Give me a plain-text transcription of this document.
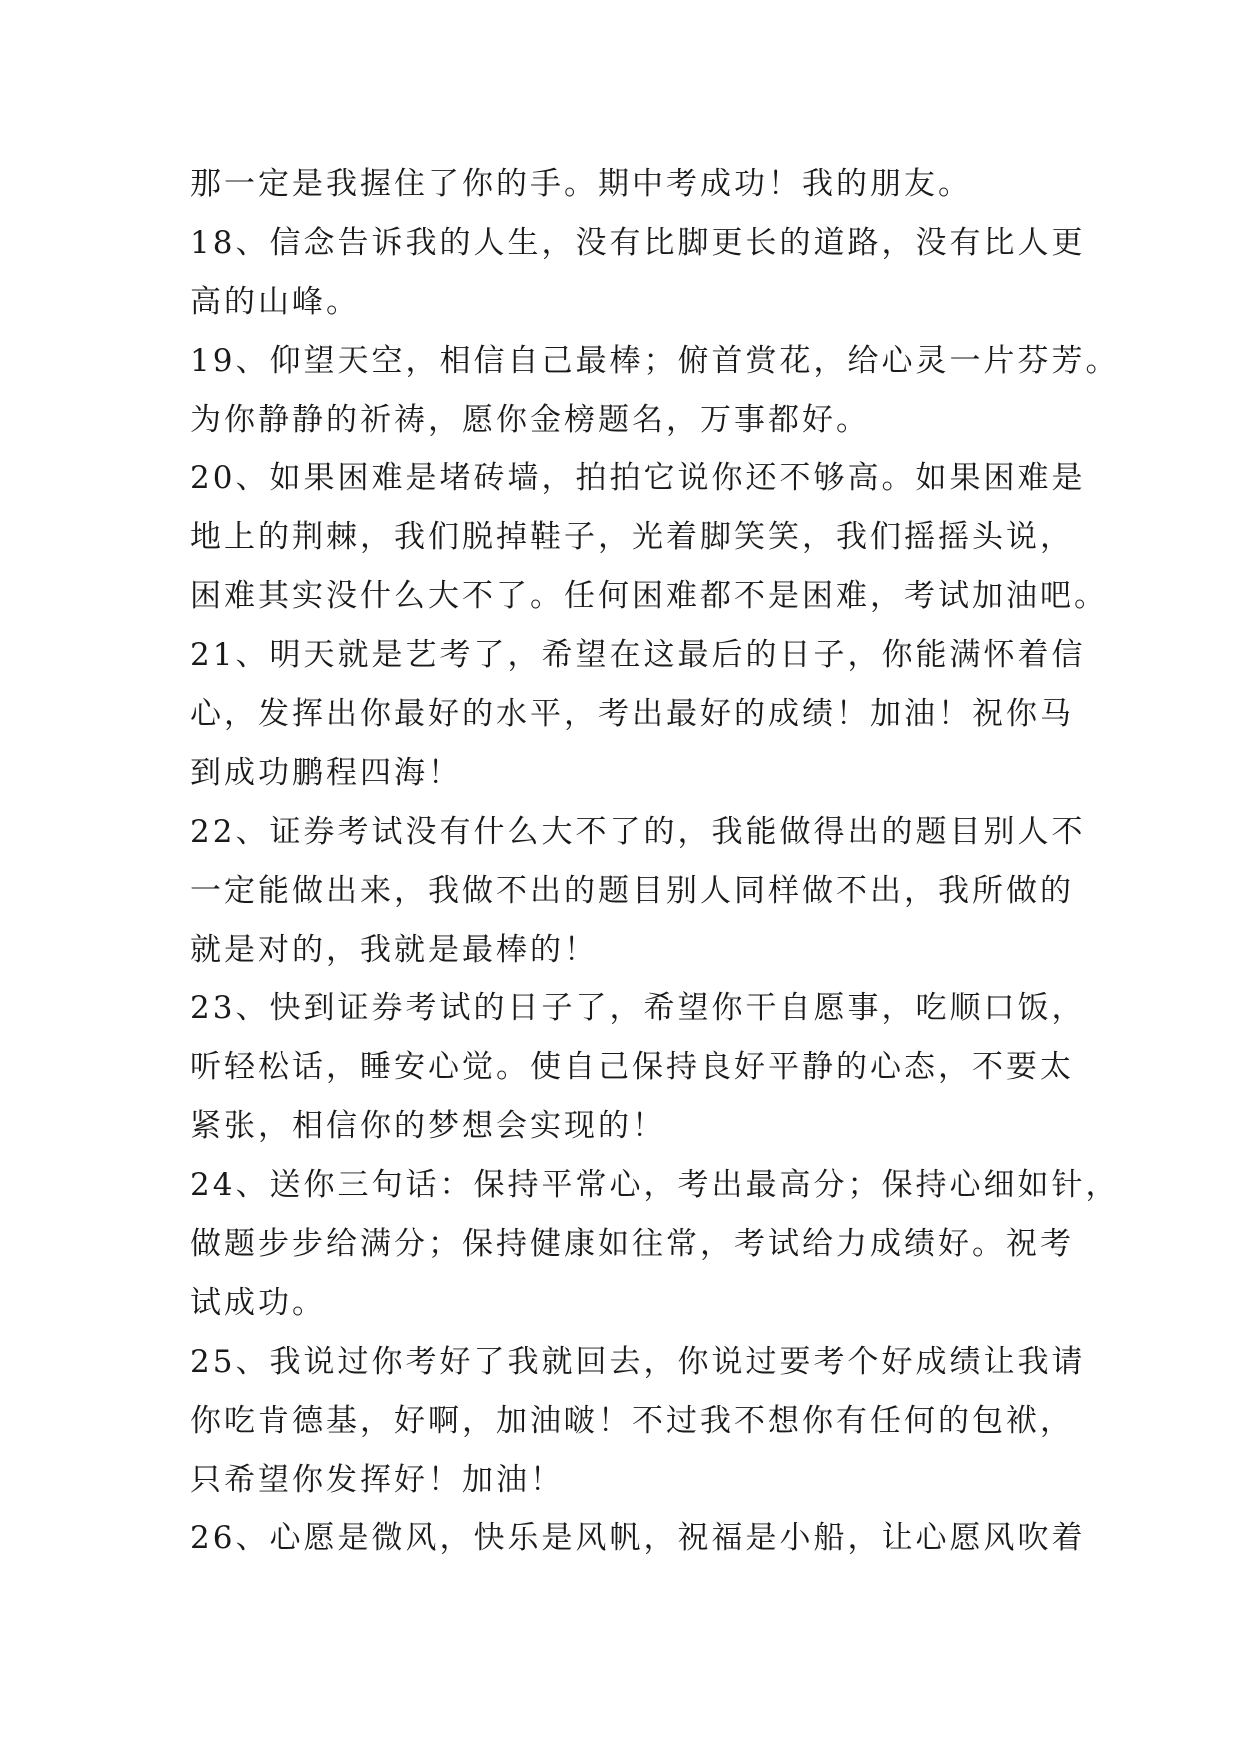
那一定是我握住了你的手。期中考成功！我的朋友。
18、信念告诉我的人生，没有比脚更长的道路，没有比人更
高的山峰。
19、仰望天空，相信自己最棒；俯首赏花，给心灵一片芬芳。
为你静静的祈祷，愿你金榜题名，万事都好。
20、如果困难是堵砖墙，拍拍它说你还不够高。如果困难是
地上的荆棘，我们脱掉鞋子，光着脚笑笑，我们摇摇头说，
困难其实没什么大不了。任何困难都不是困难，考试加油吧。
21、明天就是艺考了，希望在这最后的日子，你能满怀着信
心，发挥出你最好的水平，考出最好的成绩！加油！祝你马
到成功鹏程四海！
22、证券考试没有什么大不了的，我能做得出的题目别人不
一定能做出来，我做不出的题目别人同样做不出，我所做的
就是对的，我就是最棒的！
23、快到证券考试的日子了，希望你干自愿事，吃顺口饭，
听轻松话，睡安心觉。使自己保持良好平静的心态，不要太
紧张，相信你的梦想会实现的！
24、送你三句话：保持平常心，考出最高分；保持心细如针，
做题步步给满分；保持健康如往常，考试给力成绩好。祝考
试成功。
25、我说过你考好了我就回去，你说过要考个好成绩让我请
你吃肯德基，好啊，加油啵！不过我不想你有任何的包袱，
只希望你发挥好！加油！
26、心愿是微风，快乐是风帆，祝福是小船，让心愿风吹着
